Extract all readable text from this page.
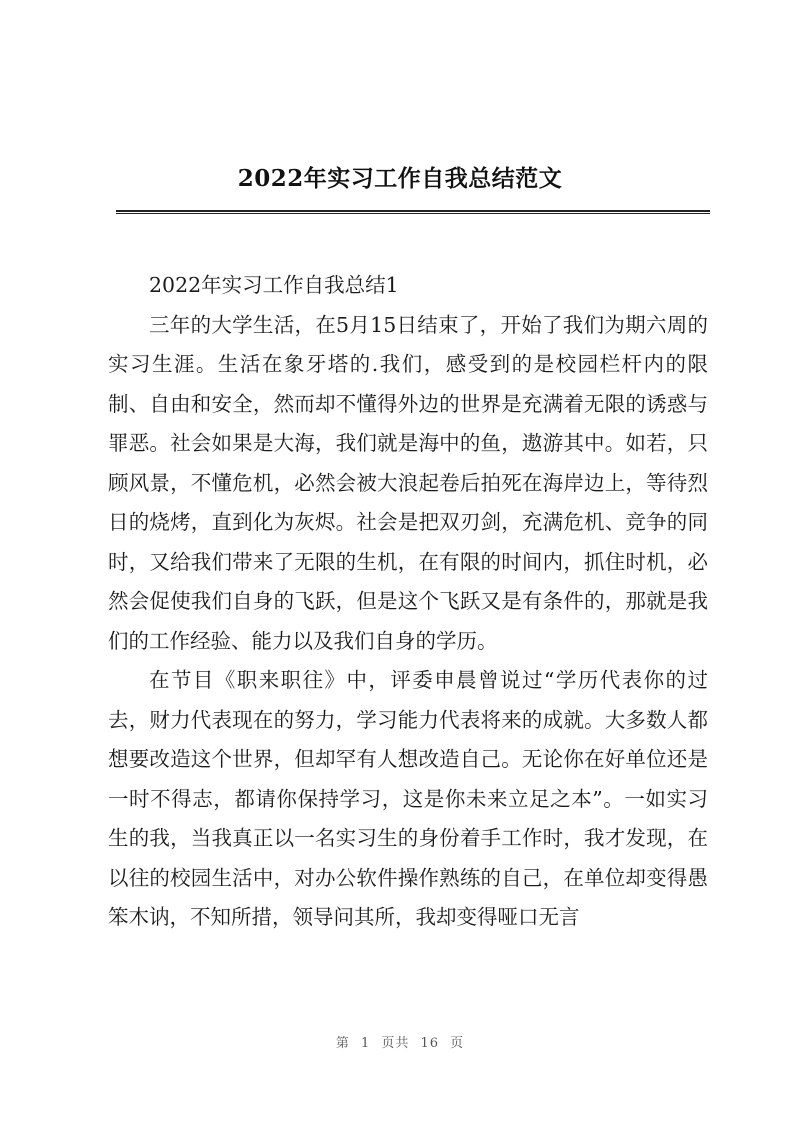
2022年实习工作自我总结范文

2022年实习工作自我总结1

三年的大学生活，在5月15日结束了，开始了我们为期六周的实习生涯。生活在象牙塔的.我们，感受到的是校园栏杆内的限制、自由和安全，然而却不懂得外边的世界是充满着无限的诱惑与罪恶。社会如果是大海，我们就是海中的鱼，遨游其中。如若，只顾风景，不懂危机，必然会被大浪起卷后拍死在海岸边上，等待烈日的烧烤，直到化为灰烬。社会是把双刃剑，充满危机、竞争的同时，又给我们带来了无限的生机，在有限的时间内，抓住时机，必然会促使我们自身的飞跃，但是这个飞跃又是有条件的，那就是我们的工作经验、能力以及我们自身的学历。

在节目《职来职往》中，评委申晨曾说过“学历代表你的过去，财力代表现在的努力，学习能力代表将来的成就。大多数人都想要改造这个世界，但却罕有人想改造自己。无论你在好单位还是一时不得志，都请你保持学习，这是你未来立足之本”。一如实习生的我，当我真正以一名实习生的身份着手工作时，我才发现，在以往的校园生活中，对办公软件操作熟练的自己，在单位却变得愚笨木讷，不知所措，领导问其所，我却变得哑口无言

第 1 页共 16 页
